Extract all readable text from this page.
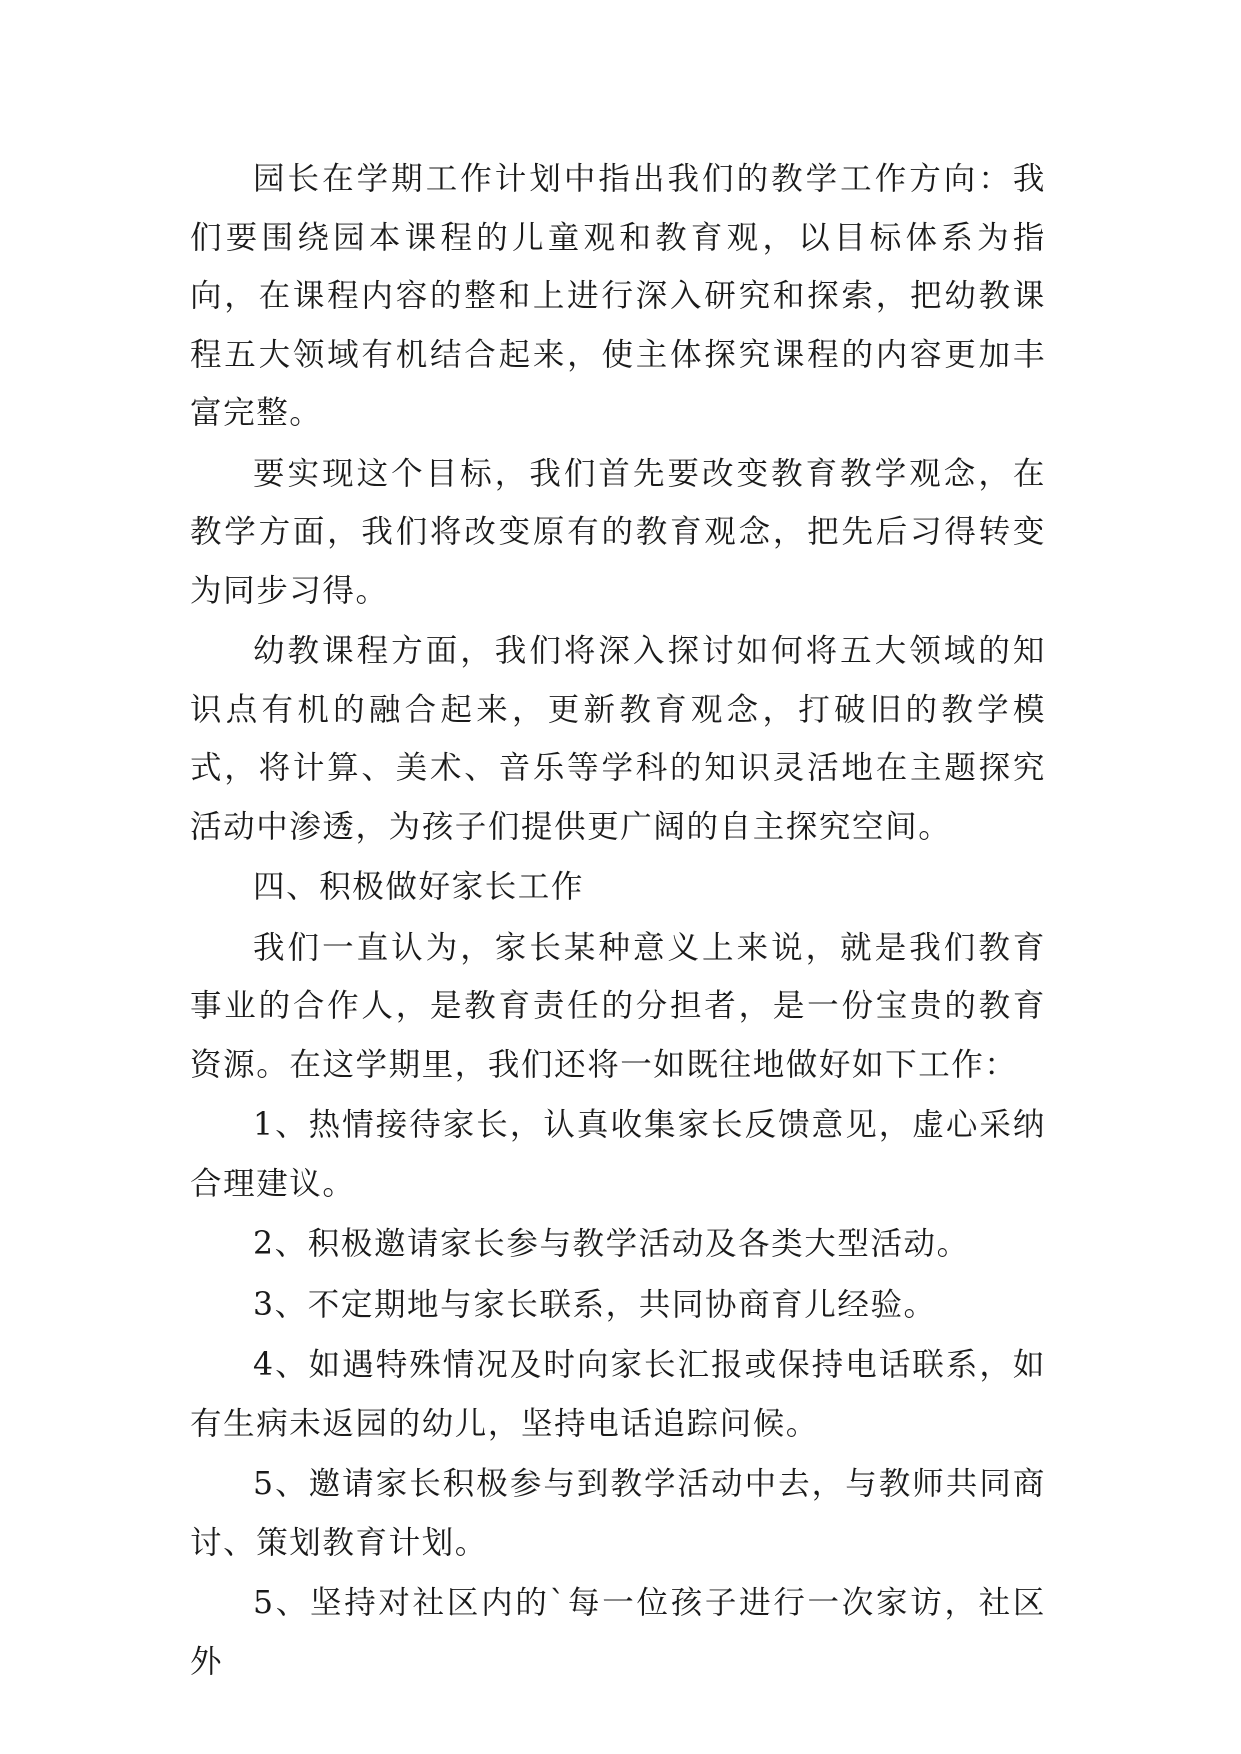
园长在学期工作计划中指出我们的教学工作方向：我们要围绕园本课程的儿童观和教育观，以目标体系为指向，在课程内容的整和上进行深入研究和探索，把幼教课程五大领域有机结合起来，使主体探究课程的内容更加丰富完整。

要实现这个目标，我们首先要改变教育教学观念，在教学方面，我们将改变原有的教育观念，把先后习得转变为同步习得。

幼教课程方面，我们将深入探讨如何将五大领域的知识点有机的融合起来，更新教育观念，打破旧的教学模式，将计算、美术、音乐等学科的知识灵活地在主题探究活动中渗透，为孩子们提供更广阔的自主探究空间。

四、积极做好家长工作

我们一直认为，家长某种意义上来说，就是我们教育事业的合作人，是教育责任的分担者，是一份宝贵的教育资源。在这学期里，我们还将一如既往地做好如下工作：

1、热情接待家长，认真收集家长反馈意见，虚心采纳合理建议。

2、积极邀请家长参与教学活动及各类大型活动。

3、不定期地与家长联系，共同协商育儿经验。

4、如遇特殊情况及时向家长汇报或保持电话联系，如有生病未返园的幼儿，坚持电话追踪问候。

5、邀请家长积极参与到教学活动中去，与教师共同商讨、策划教育计划。

5、坚持对社区内的`每一位孩子进行一次家访，社区外
